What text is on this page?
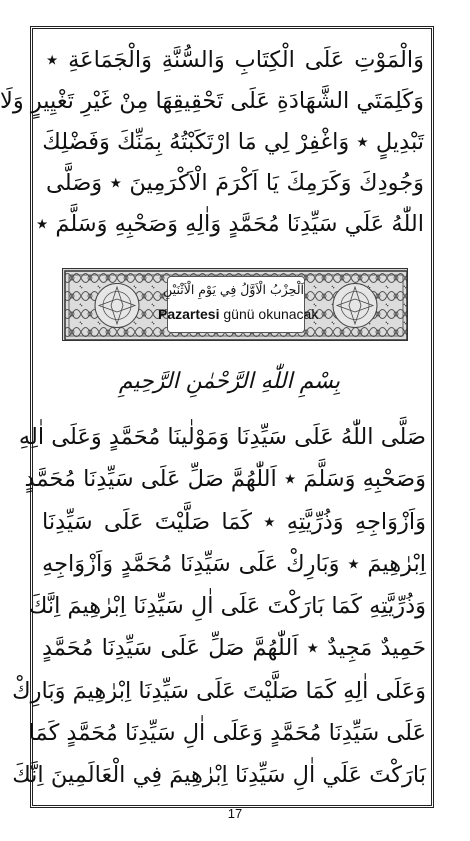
وَالْمَوْتِ عَلَى الْكِتَابِ وَالسُّنَّةِ وَالْجَمَاعَةِ ٭
وَكَلِمَتَي الشَّهَادَةِ عَلَى تَحْقِيقِهَا مِنْ غَيْرِ تَغْيِيرٍ وَلَا
تَبْدِيلٍ ٭ وَاغْفِرْ لِي مَا ارْتَكَبْتُهُ بِمَنِّكَ وَفَضْلِكَ
وَجُودِكَ وَكَرَمِكَ يَا اَكْرَمَ الْاَكْرَمِينَ ٭ وَصَلَّى
اللّٰهُ عَلَي سَيِّدِنَا مُحَمَّدٍ وَاٰلِهِ وَصَحْبِهِ وَسَلَّمَ ٭
اَلْحِزْبُ الْاَوَّلُ فِي يَوْمِ الْاَثْنَيْنِ
Pazartesi günü okunacak
بِسْمِ اللّٰهِ الرَّحْمٰنِ الرَّحِيمِ
صَلَّى اللّٰهُ عَلَى سَيِّدِنَا وَمَوْلٰينَا مُحَمَّدٍ وَعَلَى اٰلِهِ
وَصَحْبِهِ وَسَلَّمَ ٭ اَللّٰهُمَّ صَلِّ عَلَى سَيِّدِنَا مُحَمَّدٍ
وَاَزْوَاجِهِ وَذُرِّيَّتِهِ ٭ كَمَا صَلَّيْتَ عَلَى سَيِّدِنَا
اِبْرٰهِيمَ ٭ وَبَارِكْ عَلَى سَيِّدِنَا مُحَمَّدٍ وَاَزْوَاجِهِ
وَذُرِّيَّتِهِ كَمَا بَارَكْتَ عَلَى اٰلِ سَيِّدِنَا اِبْرٰهِيمَ اِنَّكَ
حَمِيدٌ مَجِيدٌ ٭ اَللّٰهُمَّ صَلِّ عَلَى سَيِّدِنَا مُحَمَّدٍ
وَعَلَى اٰلِهِ كَمَا صَلَّيْتَ عَلَى سَيِّدِنَا اِبْرٰهِيمَ وَبَارِكْ
عَلَى سَيِّدِنَا مُحَمَّدٍ وَعَلَى اٰلِ سَيِّدِنَا مُحَمَّدٍ كَمَا
بَارَكْتَ عَلَي اٰلِ سَيِّدِنَا اِبْرٰهِيمَ فِي الْعَالَمِينَ اِنَّكَ
17
